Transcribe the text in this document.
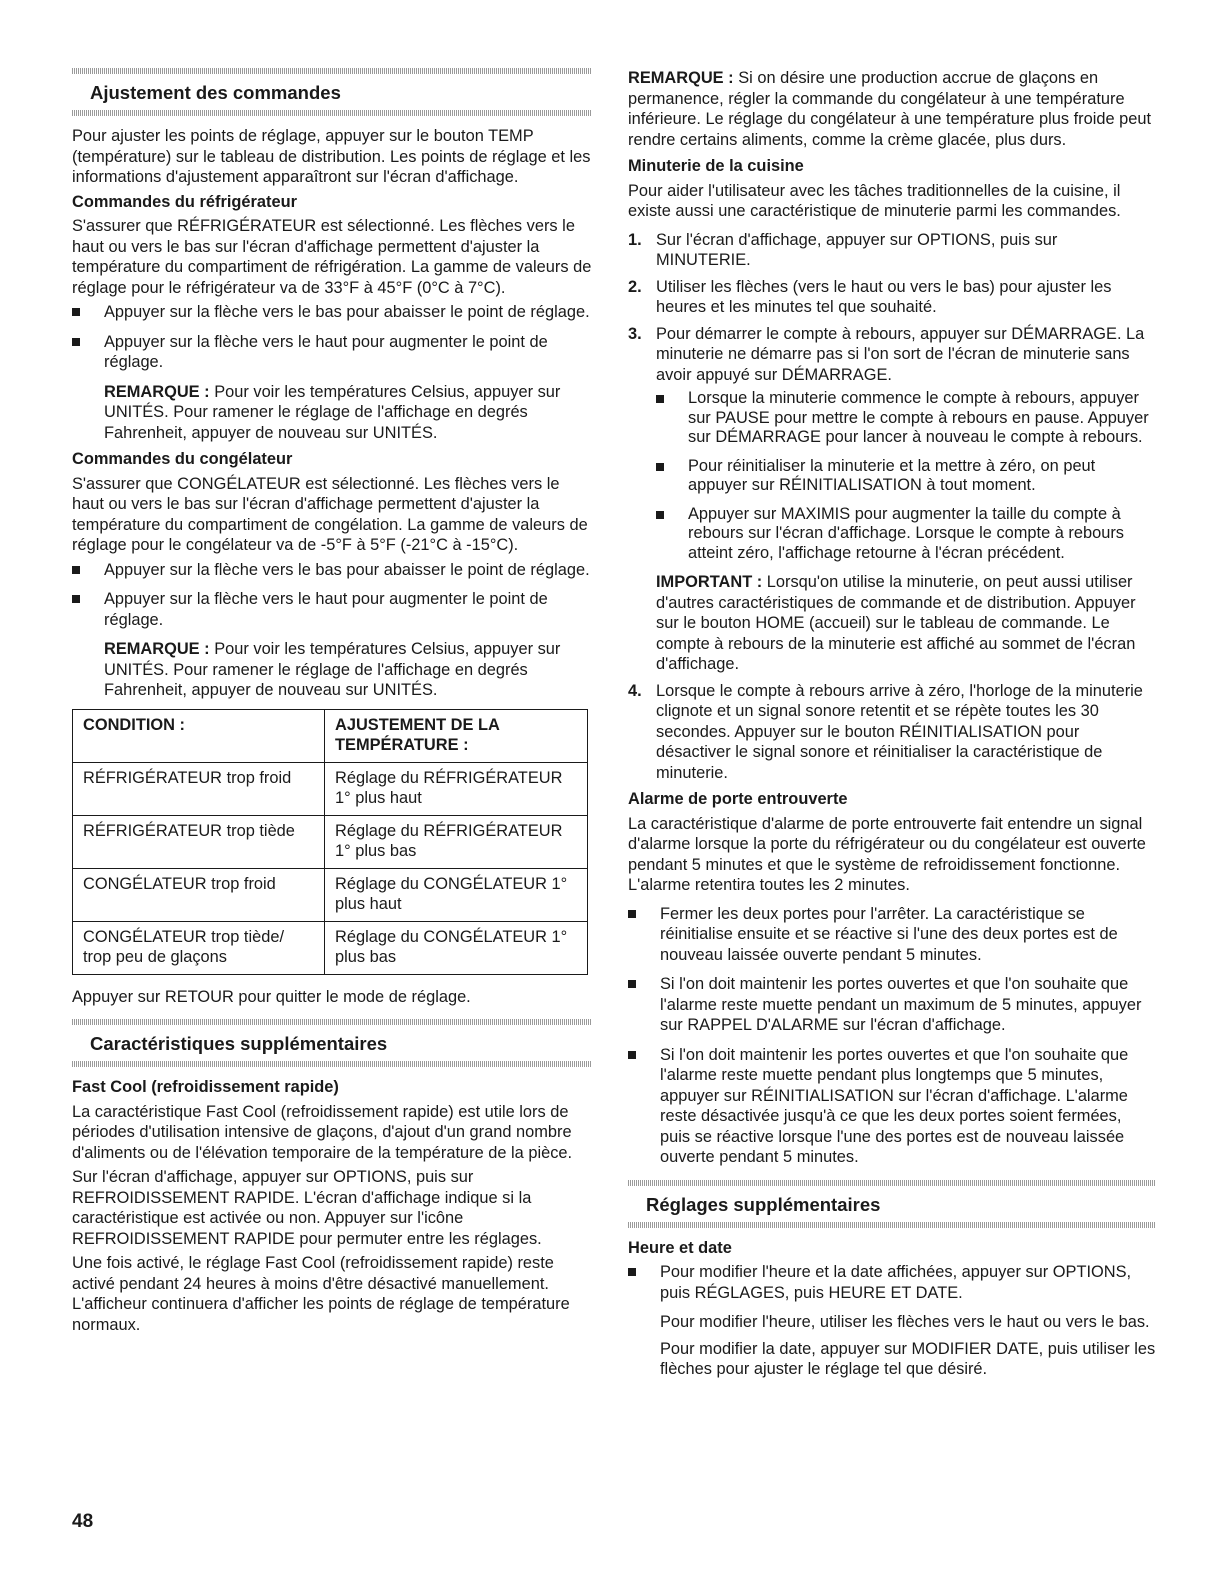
Ajustement des commandes

Pour ajuster les points de réglage, appuyer sur le bouton TEMP (température) sur le tableau de distribution. Les points de réglage et les informations d'ajustement apparaîtront sur l'écran d'affichage.

Commandes du réfrigérateur

S'assurer que RÉFRIGÉRATEUR est sélectionné. Les flèches vers le haut ou vers le bas sur l'écran d'affichage permettent d'ajuster la température du compartiment de réfrigération. La gamme de valeurs de réglage pour le réfrigérateur va de 33°F à 45°F (0°C à 7°C).

Appuyer sur la flèche vers le bas pour abaisser le point de réglage.
Appuyer sur la flèche vers le haut pour augmenter le point de réglage.

REMARQUE : Pour voir les températures Celsius, appuyer sur UNITÉS. Pour ramener le réglage de l'affichage en degrés Fahrenheit, appuyer de nouveau sur UNITÉS.

Commandes du congélateur

S'assurer que CONGÉLATEUR est sélectionné. Les flèches vers le haut ou vers le bas sur l'écran d'affichage permettent d'ajuster la température du compartiment de congélation. La gamme de valeurs de réglage pour le congélateur va de -5°F à 5°F (-21°C à -15°C).

Appuyer sur la flèche vers le bas pour abaisser le point de réglage.
Appuyer sur la flèche vers le haut pour augmenter le point de réglage.

REMARQUE : Pour voir les températures Celsius, appuyer sur UNITÉS. Pour ramener le réglage de l'affichage en degrés Fahrenheit, appuyer de nouveau sur UNITÉS.

CONDITION :	AJUSTEMENT DE LA TEMPÉRATURE :
RÉFRIGÉRATEUR trop froid	Réglage du RÉFRIGÉRATEUR 1° plus haut
RÉFRIGÉRATEUR trop tiède	Réglage du RÉFRIGÉRATEUR 1° plus bas
CONGÉLATEUR trop froid	Réglage du CONGÉLATEUR 1° plus haut
CONGÉLATEUR trop tiède/ trop peu de glaçons	Réglage du CONGÉLATEUR 1° plus bas

Appuyer sur RETOUR pour quitter le mode de réglage.

Caractéristiques supplémentaires

Fast Cool (refroidissement rapide)

La caractéristique Fast Cool (refroidissement rapide) est utile lors de périodes d'utilisation intensive de glaçons, d'ajout d'un grand nombre d'aliments ou de l'élévation temporaire de la température de la pièce.

Sur l'écran d'affichage, appuyer sur OPTIONS, puis sur REFROIDISSEMENT RAPIDE. L'écran d'affichage indique si la caractéristique est activée ou non. Appuyer sur l'icône REFROIDISSEMENT RAPIDE pour permuter entre les réglages.

Une fois activé, le réglage Fast Cool (refroidissement rapide) reste activé pendant 24 heures à moins d'être désactivé manuellement. L'afficheur continuera d'afficher les points de réglage de température normaux.

REMARQUE : Si on désire une production accrue de glaçons en permanence, régler la commande du congélateur à une température inférieure. Le réglage du congélateur à une température plus froide peut rendre certains aliments, comme la crème glacée, plus durs.

Minuterie de la cuisine

Pour aider l'utilisateur avec les tâches traditionnelles de la cuisine, il existe aussi une caractéristique de minuterie parmi les commandes.

1. Sur l'écran d'affichage, appuyer sur OPTIONS, puis sur MINUTERIE.
2. Utiliser les flèches (vers le haut ou vers le bas) pour ajuster les heures et les minutes tel que souhaité.
3. Pour démarrer le compte à rebours, appuyer sur DÉMARRAGE. La minuterie ne démarre pas si l'on sort de l'écran de minuterie sans avoir appuyé sur DÉMARRAGE.
Lorsque la minuterie commence le compte à rebours, appuyer sur PAUSE pour mettre le compte à rebours en pause. Appuyer sur DÉMARRAGE pour lancer à nouveau le compte à rebours.
Pour réinitialiser la minuterie et la mettre à zéro, on peut appuyer sur RÉINITIALISATION à tout moment.
Appuyer sur MAXIMIS pour augmenter la taille du compte à rebours sur l'écran d'affichage. Lorsque le compte à rebours atteint zéro, l'affichage retourne à l'écran précédent.

IMPORTANT : Lorsqu'on utilise la minuterie, on peut aussi utiliser d'autres caractéristiques de commande et de distribution. Appuyer sur le bouton HOME (accueil) sur le tableau de commande. Le compte à rebours de la minuterie est affiché au sommet de l'écran d'affichage.

4. Lorsque le compte à rebours arrive à zéro, l'horloge de la minuterie clignote et un signal sonore retentit et se répète toutes les 30 secondes. Appuyer sur le bouton RÉINITIALISATION pour désactiver le signal sonore et réinitialiser la caractéristique de minuterie.

Alarme de porte entrouverte

La caractéristique d'alarme de porte entrouverte fait entendre un signal d'alarme lorsque la porte du réfrigérateur ou du congélateur est ouverte pendant 5 minutes et que le système de refroidissement fonctionne. L'alarme retentira toutes les 2 minutes.

Fermer les deux portes pour l'arrêter. La caractéristique se réinitialise ensuite et se réactive si l'une des deux portes est de nouveau laissée ouverte pendant 5 minutes.
Si l'on doit maintenir les portes ouvertes et que l'on souhaite que l'alarme reste muette pendant un maximum de 5 minutes, appuyer sur RAPPEL D'ALARME sur l'écran d'affichage.
Si l'on doit maintenir les portes ouvertes et que l'on souhaite que l'alarme reste muette pendant plus longtemps que 5 minutes, appuyer sur RÉINITIALISATION sur l'écran d'affichage. L'alarme reste désactivée jusqu'à ce que les deux portes soient fermées, puis se réactive lorsque l'une des portes est de nouveau laissée ouverte pendant 5 minutes.
Réglages supplémentaires

Heure et date

Pour modifier l'heure et la date affichées, appuyer sur OPTIONS, puis RÉGLAGES, puis HEURE ET DATE.

Pour modifier l'heure, utiliser les flèches vers le haut ou vers le bas.

Pour modifier la date, appuyer sur MODIFIER DATE, puis utiliser les flèches pour ajuster le réglage tel que désiré.

48
